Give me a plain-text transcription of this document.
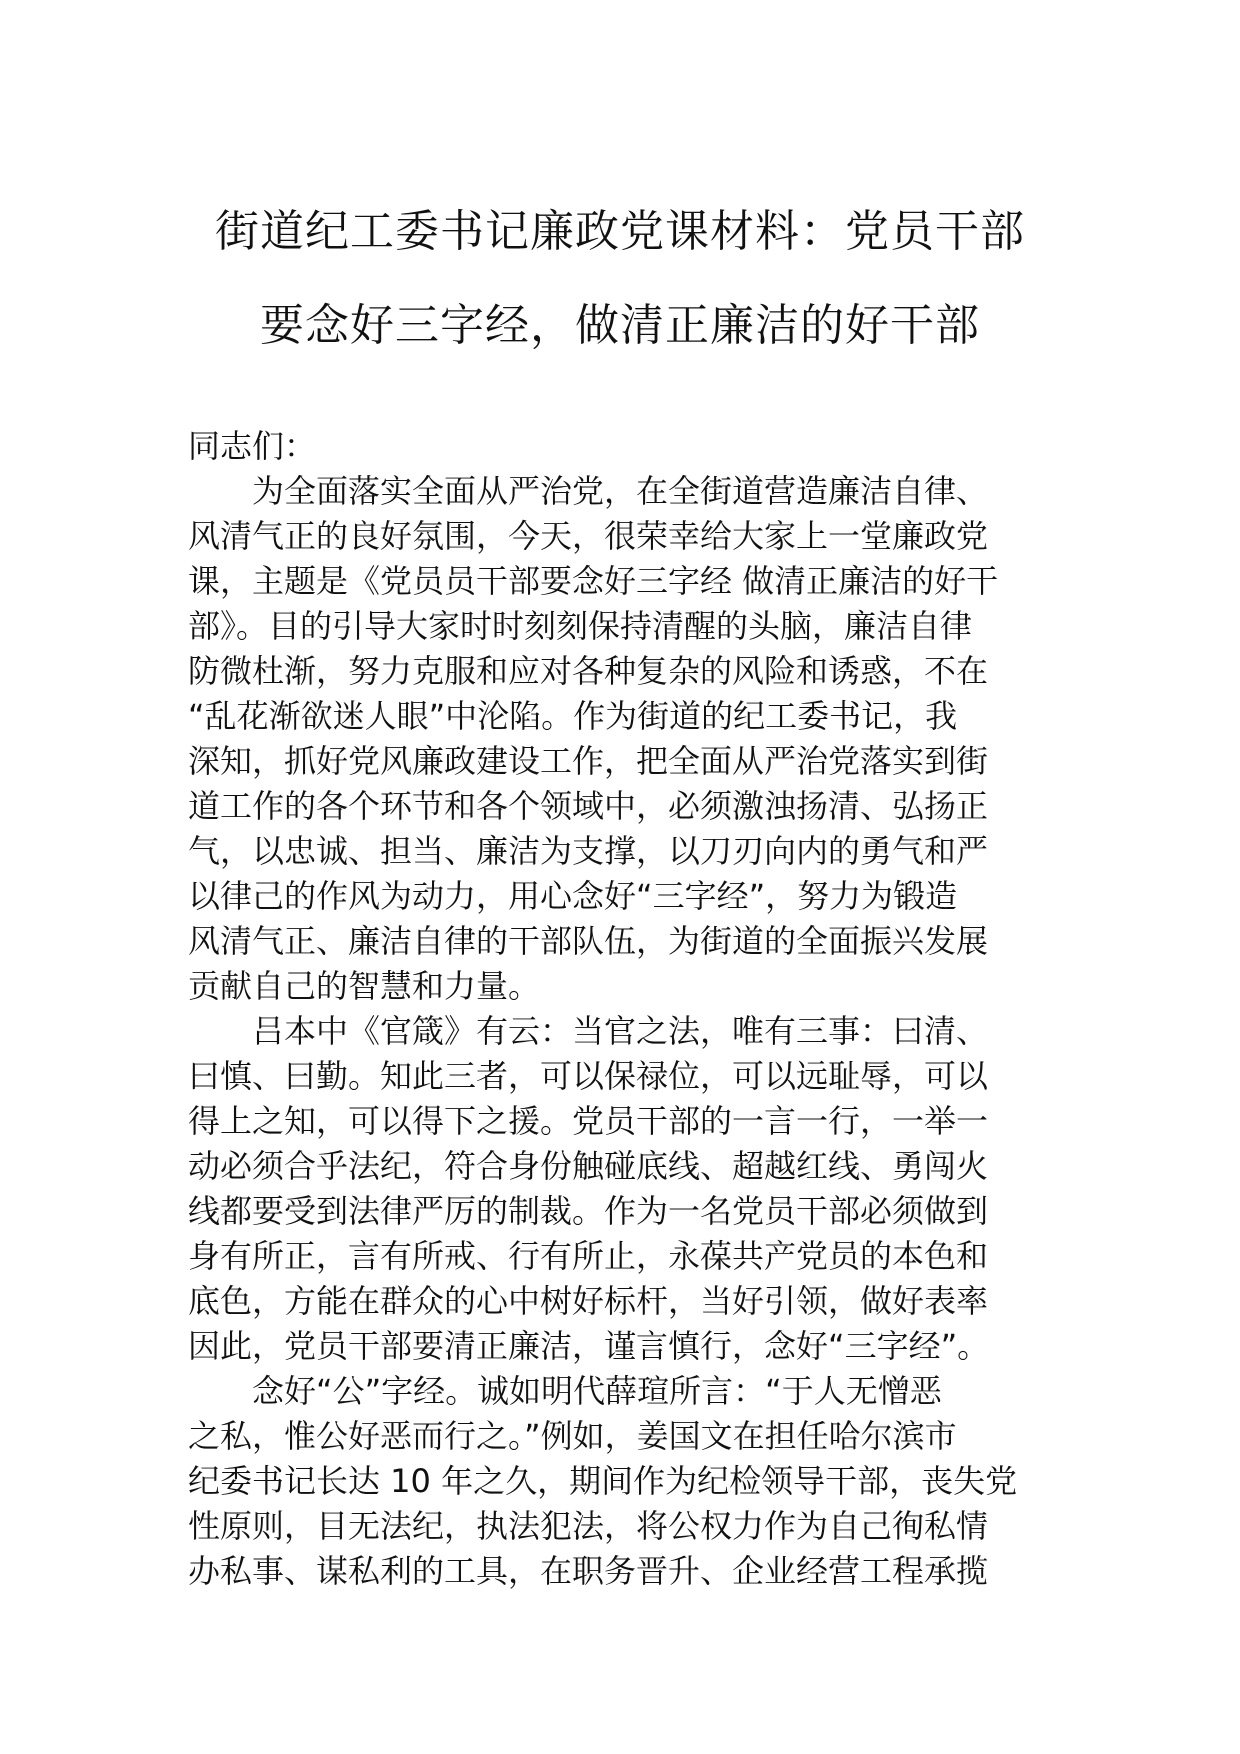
街道纪工委书记廉政党课材料：党员干部
要念好三字经，做清正廉洁的好干部
同志们：
为全面落实全面从严治党，在全街道营造廉洁自律、
风清气正的良好氛围，今天，很荣幸给大家上一堂廉政党
课，主题是《党员员干部要念好三字经 做清正廉洁的好干
部》。目的引导大家时时刻刻保持清醒的头脑，廉洁自律
防微杜渐，努力克服和应对各种复杂的风险和诱惑，不在
“乱花渐欲迷人眼”中沦陷。作为街道的纪工委书记，我
深知，抓好党风廉政建设工作，把全面从严治党落实到街
道工作的各个环节和各个领域中，必须激浊扬清、弘扬正
气，以忠诚、担当、廉洁为支撑，以刀刃向内的勇气和严
以律己的作风为动力，用心念好“三字经”，努力为锻造
风清气正、廉洁自律的干部队伍，为街道的全面振兴发展
贡献自己的智慧和力量。
吕本中《官箴》有云：当官之法，唯有三事：曰清、
曰慎、曰勤。知此三者，可以保禄位，可以远耻辱，可以
得上之知，可以得下之援。党员干部的一言一行，一举一
动必须合乎法纪，符合身份触碰底线、超越红线、勇闯火
线都要受到法律严厉的制裁。作为一名党员干部必须做到
身有所正，言有所戒、行有所止，永葆共产党员的本色和
底色，方能在群众的心中树好标杆，当好引领，做好表率
因此，党员干部要清正廉洁，谨言慎行，念好“三字经”。
念好“公”字经。诚如明代薛瑄所言：“于人无憎恶
之私，惟公好恶而行之。”例如，姜国文在担任哈尔滨市
纪委书记长达 10 年之久，期间作为纪检领导干部，丧失党
性原则，目无法纪，执法犯法，将公权力作为自己徇私情
办私事、谋私利的工具，在职务晋升、企业经营工程承揽
